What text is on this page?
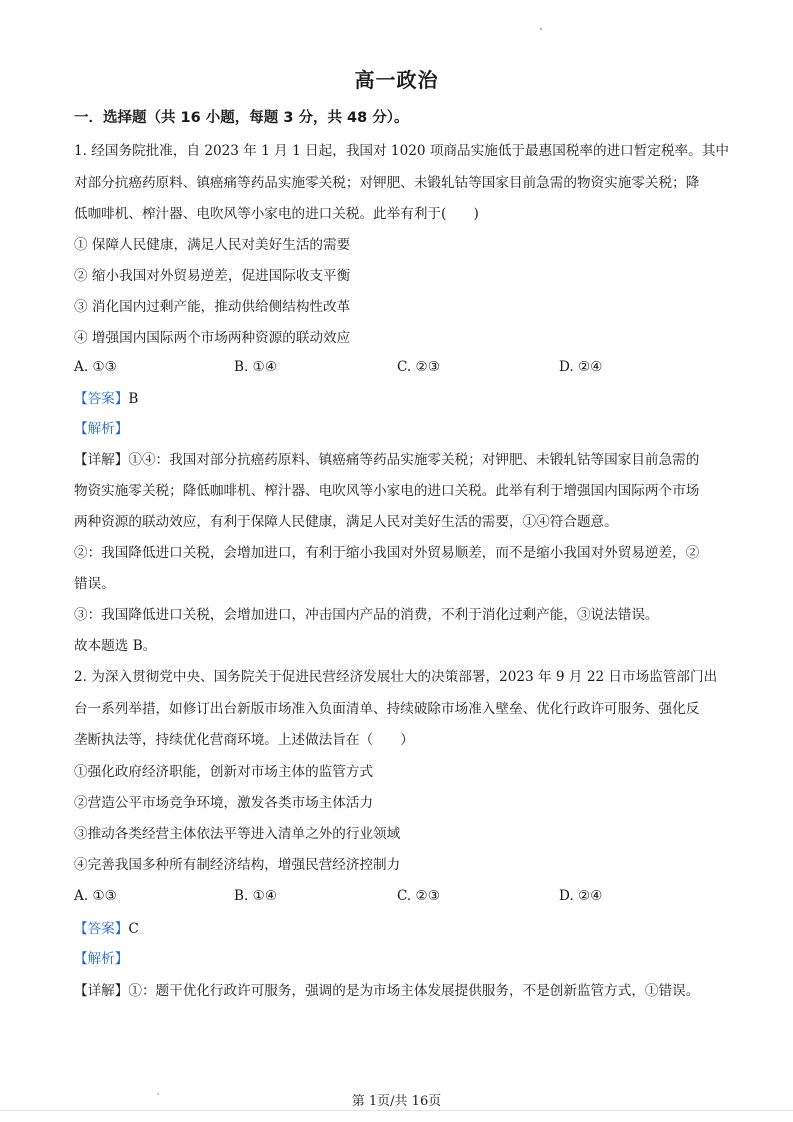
高一政治
一．选择题（共 16 小题，每题 3 分，共 48 分）。
1. 经国务院批准，自 2023 年 1 月 1 日起，我国对 1020 项商品实施低于最惠国税率的进口暂定税率。其中
对部分抗癌药原料、镇癌痛等药品实施零关税；对钾肥、未锻轧钴等国家目前急需的物资实施零关税；降
低咖啡机、榨汁器、电吹风等小家电的进口关税。此举有利于(　　)
① 保障人民健康，满足人民对美好生活的需要
② 缩小我国对外贸易逆差，促进国际收支平衡
③ 消化国内过剩产能，推动供给侧结构性改革
④ 增强国内国际两个市场两种资源的联动效应
A. ①③	B. ①④	C. ②③	D. ②④
【答案】B
【解析】
【详解】①④：我国对部分抗癌药原料、镇癌痛等药品实施零关税；对钾肥、未锻轧钴等国家目前急需的
物资实施零关税；降低咖啡机、榨汁器、电吹风等小家电的进口关税。此举有利于增强国内国际两个市场
两种资源的联动效应，有利于保障人民健康，满足人民对美好生活的需要，①④符合题意。
②：我国降低进口关税，会增加进口，有利于缩小我国对外贸易顺差，而不是缩小我国对外贸易逆差，②
错误。
③：我国降低进口关税，会增加进口，冲击国内产品的消费，不利于消化过剩产能，③说法错误。
故本题选 B。
2. 为深入贯彻党中央、国务院关于促进民营经济发展壮大的决策部署，2023 年 9 月 22 日市场监管部门出
台一系列举措，如修订出台新版市场准入负面清单、持续破除市场准入壁垒、优化行政许可服务、强化反
垄断执法等，持续优化营商环境。上述做法旨在（　　）
①强化政府经济职能，创新对市场主体的监管方式
②营造公平市场竞争环境，激发各类市场主体活力
③推动各类经营主体依法平等进入清单之外的行业领域
④完善我国多种所有制经济结构，增强民营经济控制力
A. ①③	B. ①④	C. ②③	D. ②④
【答案】C
【解析】
【详解】①：题干优化行政许可服务，强调的是为市场主体发展提供服务，不是创新监管方式，①错误。
第 1页/共 16页
